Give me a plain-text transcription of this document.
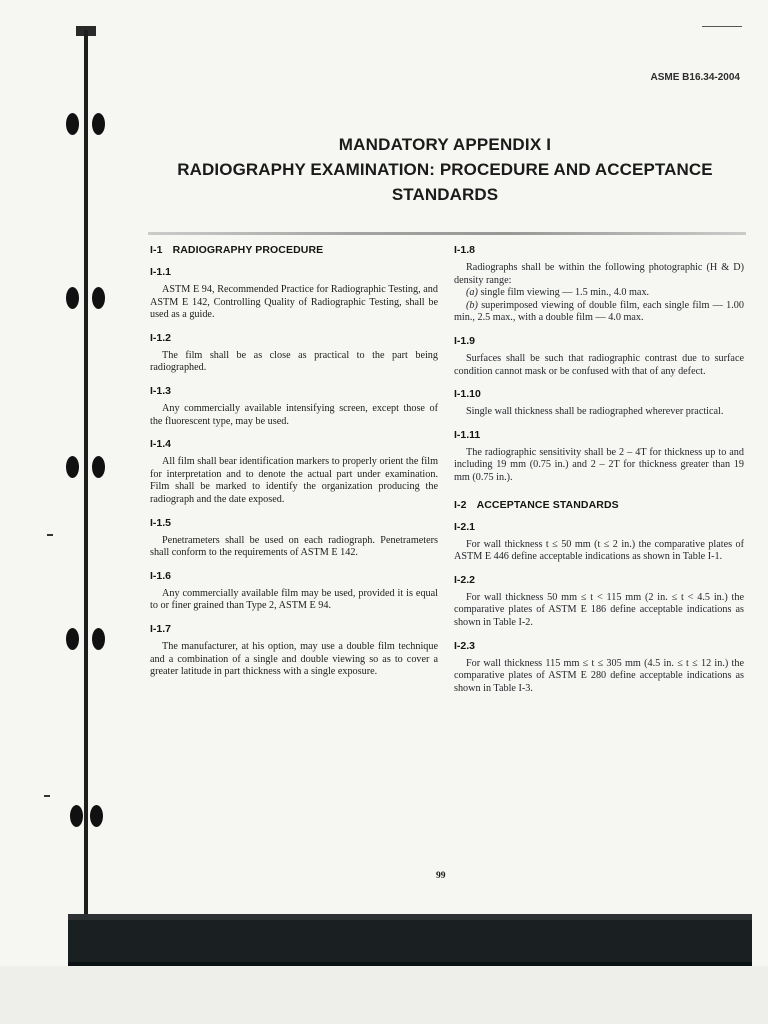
ASME B16.34-2004
MANDATORY APPENDIX I
RADIOGRAPHY EXAMINATION: PROCEDURE AND ACCEPTANCE
STANDARDS
I-1 RADIOGRAPHY PROCEDURE
I-1.1
ASTM E 94, Recommended Practice for Radiographic Testing, and ASTM E 142, Controlling Quality of Radiographic Testing, shall be used as a guide.
I-1.2
The film shall be as close as practical to the part being radiographed.
I-1.3
Any commercially available intensifying screen, except those of the fluorescent type, may be used.
I-1.4
All film shall bear identification markers to properly orient the film for interpretation and to denote the actual part under examination. Film shall be marked to identify the organization producing the radiograph and the date exposed.
I-1.5
Penetrameters shall be used on each radiograph. Penetrameters shall conform to the requirements of ASTM E 142.
I-1.6
Any commercially available film may be used, provided it is equal to or finer grained than Type 2, ASTM E 94.
I-1.7
The manufacturer, at his option, may use a double film technique and a combination of a single and double viewing so as to cover a greater latitude in part thickness with a single exposure.
I-1.8
Radiographs shall be within the following photographic (H & D) density range:
(a) single film viewing — 1.5 min., 4.0 max.
(b) superimposed viewing of double film, each single film — 1.00 min., 2.5 max., with a double film — 4.0 max.
I-1.9
Surfaces shall be such that radiographic contrast due to surface condition cannot mask or be confused with that of any defect.
I-1.10
Single wall thickness shall be radiographed wherever practical.
I-1.11
The radiographic sensitivity shall be 2 – 4T for thickness up to and including 19 mm (0.75 in.) and 2 – 2T for thickness greater than 19 mm (0.75 in.).
I-2 ACCEPTANCE STANDARDS
I-2.1
For wall thickness t ≤ 50 mm (t ≤ 2 in.) the comparative plates of ASTM E 446 define acceptable indications as shown in Table I-1.
I-2.2
For wall thickness 50 mm ≤ t < 115 mm (2 in. ≤ t < 4.5 in.) the comparative plates of ASTM E 186 define acceptable indications as shown in Table I-2.
I-2.3
For wall thickness 115 mm ≤ t ≤ 305 mm (4.5 in. ≤ t ≤ 12 in.) the comparative plates of ASTM E 280 define acceptable indications as shown in Table I-3.
99
